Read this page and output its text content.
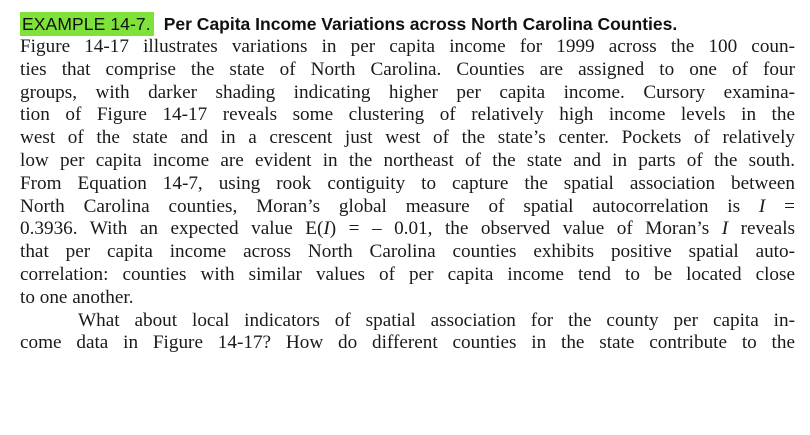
EXAMPLE 14-7. Per Capita Income Variations across North Carolina Counties.
Figure 14-17 illustrates variations in per capita income for 1999 across the 100 coun-
ties that comprise the state of North Carolina. Counties are assigned to one of four
groups, with darker shading indicating higher per capita income. Cursory examina-
tion of Figure 14-17 reveals some clustering of relatively high income levels in the
west of the state and in a crescent just west of the state’s center. Pockets of relatively
low per capita income are evident in the northeast of the state and in parts of the south.
From Equation 14-7, using rook contiguity to capture the spatial association between
North Carolina counties, Moran’s global measure of spatial autocorrelation is I =
0.3936. With an expected value E(I) = – 0.01, the observed value of Moran’s I reveals
that per capita income across North Carolina counties exhibits positive spatial auto-
correlation: counties with similar values of per capita income tend to be located close
to one another.
What about local indicators of spatial association for the county per capita in-
come data in Figure 14-17? How do different counties in the state contribute to the
